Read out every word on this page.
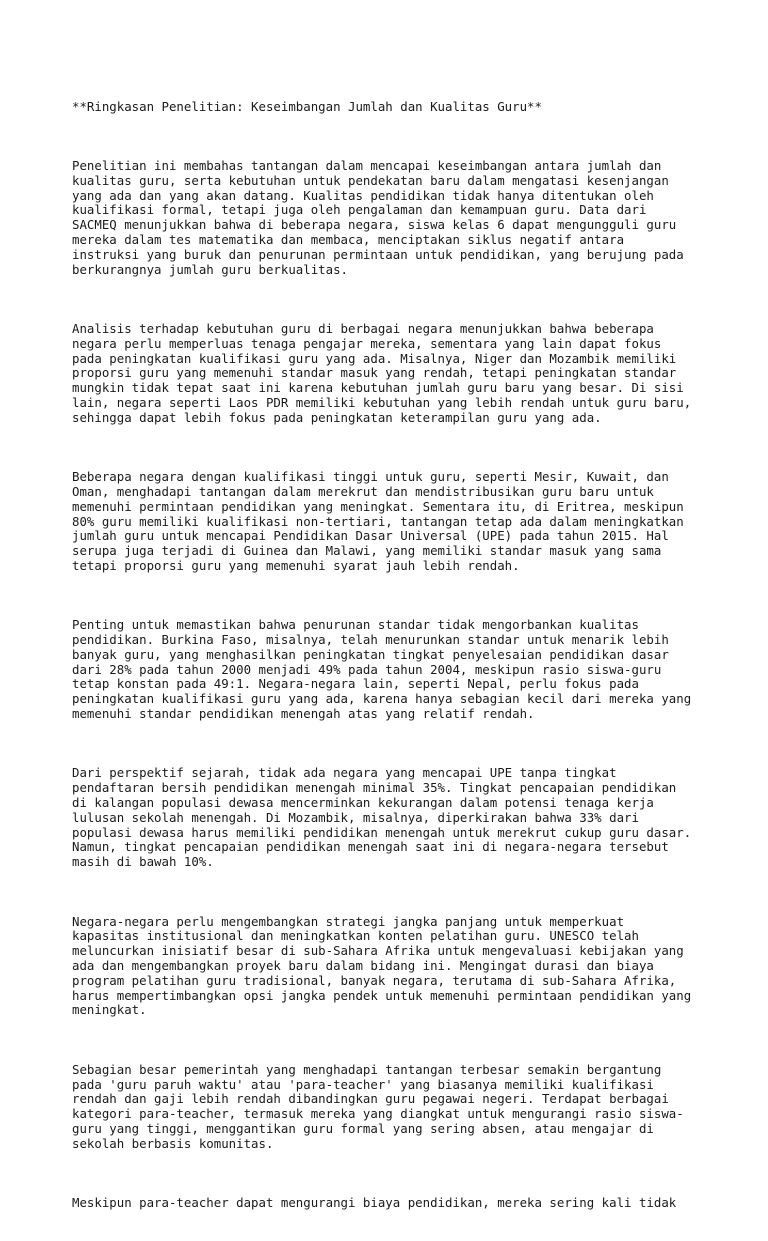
**Ringkasan Penelitian: Keseimbangan Jumlah dan Kualitas Guru**

Penelitian ini membahas tantangan dalam mencapai keseimbangan antara jumlah dan
kualitas guru, serta kebutuhan untuk pendekatan baru dalam mengatasi kesenjangan
yang ada dan yang akan datang. Kualitas pendidikan tidak hanya ditentukan oleh
kualifikasi formal, tetapi juga oleh pengalaman dan kemampuan guru. Data dari
SACMEQ menunjukkan bahwa di beberapa negara, siswa kelas 6 dapat mengungguli guru
mereka dalam tes matematika dan membaca, menciptakan siklus negatif antara
instruksi yang buruk dan penurunan permintaan untuk pendidikan, yang berujung pada
berkurangnya jumlah guru berkualitas.

Analisis terhadap kebutuhan guru di berbagai negara menunjukkan bahwa beberapa
negara perlu memperluas tenaga pengajar mereka, sementara yang lain dapat fokus
pada peningkatan kualifikasi guru yang ada. Misalnya, Niger dan Mozambik memiliki
proporsi guru yang memenuhi standar masuk yang rendah, tetapi peningkatan standar
mungkin tidak tepat saat ini karena kebutuhan jumlah guru baru yang besar. Di sisi
lain, negara seperti Laos PDR memiliki kebutuhan yang lebih rendah untuk guru baru,
sehingga dapat lebih fokus pada peningkatan keterampilan guru yang ada.

Beberapa negara dengan kualifikasi tinggi untuk guru, seperti Mesir, Kuwait, dan
Oman, menghadapi tantangan dalam merekrut dan mendistribusikan guru baru untuk
memenuhi permintaan pendidikan yang meningkat. Sementara itu, di Eritrea, meskipun
80% guru memiliki kualifikasi non-tertiari, tantangan tetap ada dalam meningkatkan
jumlah guru untuk mencapai Pendidikan Dasar Universal (UPE) pada tahun 2015. Hal
serupa juga terjadi di Guinea dan Malawi, yang memiliki standar masuk yang sama
tetapi proporsi guru yang memenuhi syarat jauh lebih rendah.

Penting untuk memastikan bahwa penurunan standar tidak mengorbankan kualitas
pendidikan. Burkina Faso, misalnya, telah menurunkan standar untuk menarik lebih
banyak guru, yang menghasilkan peningkatan tingkat penyelesaian pendidikan dasar
dari 28% pada tahun 2000 menjadi 49% pada tahun 2004, meskipun rasio siswa-guru
tetap konstan pada 49:1. Negara-negara lain, seperti Nepal, perlu fokus pada
peningkatan kualifikasi guru yang ada, karena hanya sebagian kecil dari mereka yang
memenuhi standar pendidikan menengah atas yang relatif rendah.

Dari perspektif sejarah, tidak ada negara yang mencapai UPE tanpa tingkat
pendaftaran bersih pendidikan menengah minimal 35%. Tingkat pencapaian pendidikan
di kalangan populasi dewasa mencerminkan kekurangan dalam potensi tenaga kerja
lulusan sekolah menengah. Di Mozambik, misalnya, diperkirakan bahwa 33% dari
populasi dewasa harus memiliki pendidikan menengah untuk merekrut cukup guru dasar.
Namun, tingkat pencapaian pendidikan menengah saat ini di negara-negara tersebut
masih di bawah 10%.

Negara-negara perlu mengembangkan strategi jangka panjang untuk memperkuat
kapasitas institusional dan meningkatkan konten pelatihan guru. UNESCO telah
meluncurkan inisiatif besar di sub-Sahara Afrika untuk mengevaluasi kebijakan yang
ada dan mengembangkan proyek baru dalam bidang ini. Mengingat durasi dan biaya
program pelatihan guru tradisional, banyak negara, terutama di sub-Sahara Afrika,
harus mempertimbangkan opsi jangka pendek untuk memenuhi permintaan pendidikan yang
meningkat.

Sebagian besar pemerintah yang menghadapi tantangan terbesar semakin bergantung
pada 'guru paruh waktu' atau 'para-teacher' yang biasanya memiliki kualifikasi
rendah dan gaji lebih rendah dibandingkan guru pegawai negeri. Terdapat berbagai
kategori para-teacher, termasuk mereka yang diangkat untuk mengurangi rasio siswa-
guru yang tinggi, menggantikan guru formal yang sering absen, atau mengajar di
sekolah berbasis komunitas.

Meskipun para-teacher dapat mengurangi biaya pendidikan, mereka sering kali tidak
